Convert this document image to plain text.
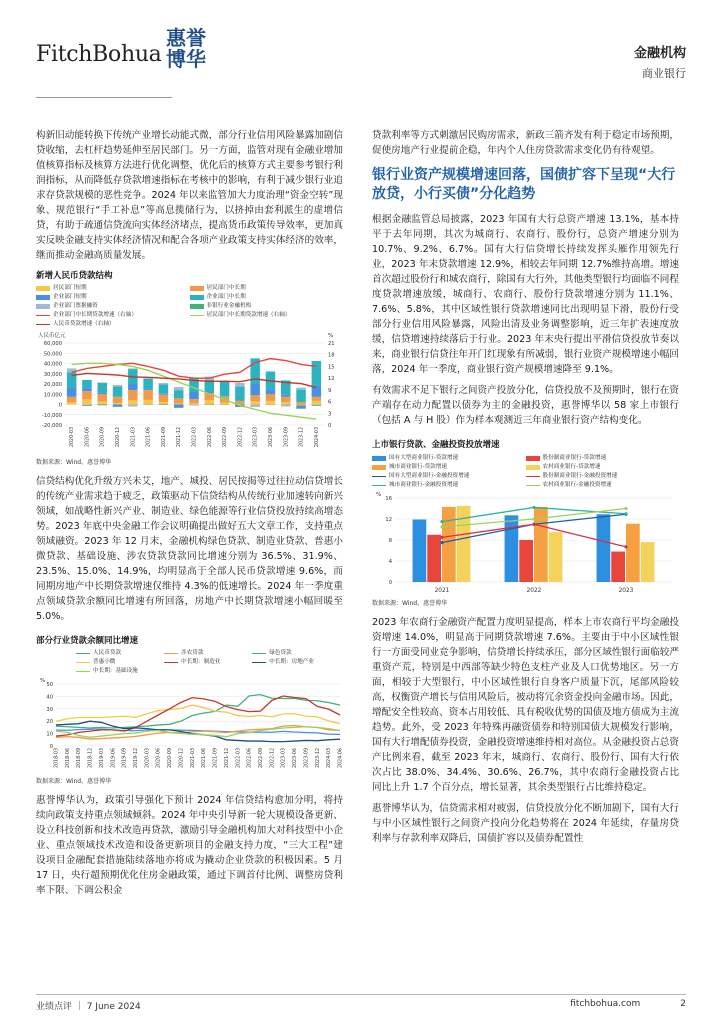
FitchBohua
惠誉博华	金融机构
商业银行

构新旧动能转换下传统产业增长动能式微，部分行业信用风险暴露加剧信贷收缩，去杠杆趋势延伸至居民部门。另一方面，监管对现有金融业增加值核算指标及核算方法进行优化调整，优化后的核算方式主要参考银行利润指标，从而降低存贷款增速指标在考核中的影响，有利于减少银行业追求存贷款规模的恶性竞争。2024 年以来监管加大力度治理“资金空转”现象、规范银行“手工补息”等高息揽储行为，以挤掉由套利派生的虚增信贷，有助于疏通信贷流向实体经济堵点，提高货币政策传导效率，更加真实反映金融支持实体经济情况和配合各项产业政策支持实体经济的效率，继而推动金融高质量发展。

新增人民币贷款结构
居民部门短期	居民部门中长期
企业部门短期	企业部门中长期
企业部门票据融资	非银行业金融机构
企业部门中长期贷款增速（右轴）	居民部门中长期贷款增速（右轴）
人民币贷款增速（右轴）
人民币亿元	%
60,000
50,000
40,000
30,000
20,000
10,000
0
-10,000
-20,000
21
18
15
12
9
6
3
0
2020-03 2020-06 2020-09 2020-12 2021-03 2021-06 2021-09 2021-12 2022-03 2022-06 2022-09 2022-12 2023-03 2023-06 2023-09 2023-12 2024-03
数据来源：Wind，惠誉博华

信贷结构优化升级方兴未艾，地产、城投、居民按揭等过往拉动信贷增长的传统产业需求趋于疲乏，政策驱动下信贷结构从传统行业加速转向新兴领域，如战略性新兴产业、制造业、绿色能源等行业信贷投放持续高增态势。2023 年底中央金融工作会议明确提出做好五大文章工作，支持重点领域融资。2023 年 12 月末，金融机构绿色贷款、制造业贷款、普惠小微贷款、基础设施、涉农贷款贷款同比增速分别为 36.5%、31.9%、23.5%、15.0%、14.9%，均明显高于全部人民币贷款增速 9.6%，而同期房地产中长期贷款增速仅维持 4.3%的低速增长。2024 年一季度重点领域贷款余额同比增速有所回落，房地产中长期贷款增速小幅回暖至 5.0%。

部分行业贷款余额同比增速
人民币贷款	涉农贷款	绿色贷款
普惠小微	中长期：制造业	中长期：房地产业
中长期：基础设施
%
50
40
30
20
10
0
2018-03 2018-06 2018-09 2018-12 2019-03 2019-06 2019-09 2019-12 2020-03 2020-06 2020-09 2020-12 2021-03 2021-06 2021-09 2021-12 2022-03 2022-06 2022-09 2022-12 2023-03 2023-06 2023-09 2023-12 2024-03 2024-06
数据来源：Wind，惠誉博华

惠誉博华认为，政策引导强化下预计 2024 年信贷结构愈加分明，将持续向政策支持重点领域倾斜。2024 年中央引导新一轮大规模设备更新、设立科技创新和技术改造再贷款，激励引导金融机构加大对科技型中小企业、重点领域技术改造和设备更新项目的金融支持力度，“三大工程”建设项目金融配套措施陆续落地亦将成为撬动企业贷款的积极因素。5 月 17 日，央行超预期优化住房金融政策，通过下调首付比例、调整房贷利率下限、下调公积金

贷款利率等方式刺激居民购房需求，新政三箭齐发有利于稳定市场预期，促使房地产行业提前企稳，年内个人住房贷款需求变化仍有待观望。

银行业资产规模增速回落，国债扩容下呈现“大行放贷，小行买债”分化趋势

根据金融监管总局披露，2023 年国有大行总资产增速 13.1%，基本持平于去年同期，其次为城商行、农商行、股份行，总资产增速分别为 10.7%、9.2%、6.7%。国有大行信贷增长持续发挥头雁作用领先行业，2023 年末贷款增速 12.9%，相较去年同期 12.7%维持高增。增速首次超过股份行和城农商行，除国有大行外，其他类型银行均面临不同程度贷款增速放缓，城商行、农商行、股份行贷款增速分别为 11.1%、7.6%、5.8%，其中区域性银行贷款增速同比出现明显下滑，股份行受部分行业信用风险暴露，风险出清及业务调整影响，近三年扩表速度放缓，信贷增速持续落后于行业。2023 年末央行提出平滑信贷投放节奏以来，商业银行信贷往年开门红现象有所减弱，银行业资产规模增速小幅回落，2024 年一季度，商业银行资产规模增速降至 9.1%。

有效需求不足下银行之间资产投放分化，信贷投放不及预期时，银行在资产端存在动力配置以债券为主的金融投资，惠誉博华以 58 家上市银行（包括 A 与 H 股）作为样本观测近三年商业银行资产结构变化。

上市银行贷款、金融投资投放增速
国有大型商业银行-贷款增速	股份制商业银行-贷款增速
城市商业银行-贷款增速	农村商业银行-贷款增速
国有大型商业银行-金融投资增速	股份制商业银行-金融投资增速
城市商业银行-金融投资增速	农村商业银行-金融投资增速
%
16
12
8
4
0
2021	2022	2023
数据来源：Wind，惠誉博华

2023 年农商行金融资产配置力度明显提高，样本上市农商行平均金融投资增速 14.0%，明显高于同期贷款增速 7.6%。主要由于中小区域性银行一方面受同业竞争影响，信贷增长持续承压，部分区域性银行面临较严重资产荒，特别是中西部等缺少特色支柱产业及人口优势地区。另一方面，相较于大型银行，中小区域性银行自身客户质量下沉，尾部风险较高，权衡资产增长与信用风险后，被动将冗余资金投向金融市场。因此，增配安全性较高、资本占用较低、具有税收优势的国债及地方债成为主流趋势。此外，受 2023 年特殊再融资债券和特别国债大规模发行影响，国有大行增配债券投资，金融投资增速维持相对高位。从金融投资占总资产比例来看，截至 2023 年末，城商行、农商行、股份行、国有大行依次占比 38.0%、34.4%、30.6%、26.7%，其中农商行金融投资占比同比上升 1.7 个百分点，增长显著，其余类型银行占比维持稳定。

惠誉博华认为，信贷需求相对疲弱，信贷投放分化不断加剧下，国有大行与中小区域性银行之间资产投向分化趋势将在 2024 年延续，存量房贷利率与存款利率双降后，国债扩容以及债券配置性

业绩点评 ｜ 7 June 2024	fitchbohua.com	2
